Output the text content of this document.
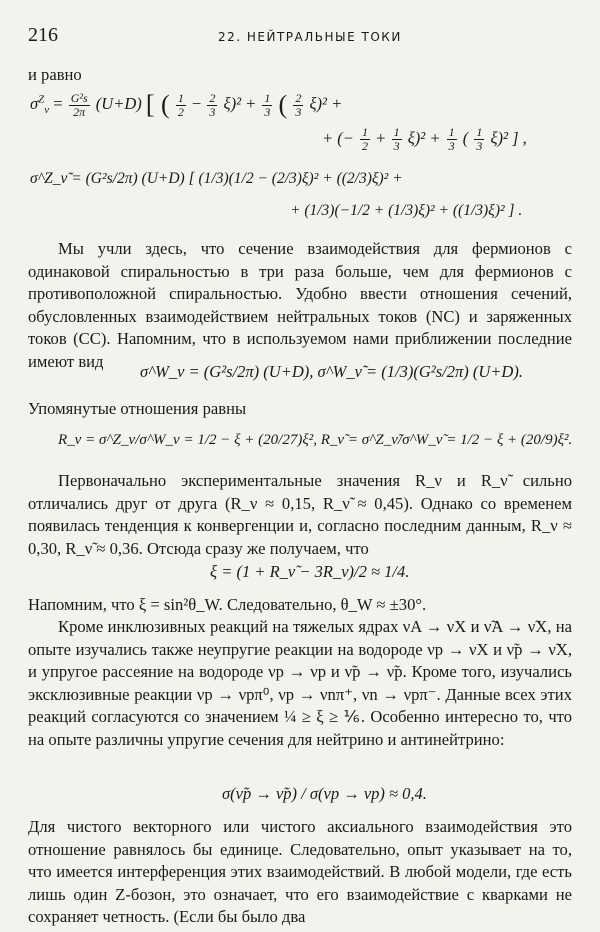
216	22. НЕЙТРАЛЬНЫЕ ТОКИ

и равно

$\sigma^Z_\nu = \frac{\text{G²s}}{2\pi} (U+D)$ [ ( $\frac{1}{2} - \frac{2}{3} \xi)^2 + \frac{1}{3}$ ( $\frac{2}{3} \xi)^2$ +
+ (− $\frac{1}{2} + \frac{1}{3} \xi)^2 + \frac{1}{3}$ ( $\frac{1}{3} \xi)^2$ ] ,
σ^Z_ν̃ = (G²s/2π) (U+D) [ (1/3)(1/2 − (2/3)ξ)² + ((2/3)ξ)² +
+ (1/3)(−1/2 + (1/3)ξ)² + ((1/3)ξ)² ] .

Мы учли здесь, что сечение взаимодействия для фермионов с одинаковой спиральностью в три раза больше, чем для фермионов с противоположной спиральностью. Удобно ввести отношения сечений, обусловленных взаимодействием нейтральных токов (NC) и заряженных токов (CC). Напомним, что в используемом нами приближении последние имеют вид

σ^W_ν = (G²s/2π) (U+D), σ^W_ν̃ = (1/3)(G²s/2π) (U+D).

Упомянутые отношения равны

R_ν = σ^Z_ν/σ^W_ν = 1/2 − ξ + (20/27)ξ², R_ν̃ = σ^Z_ν̃/σ^W_ν̃ = 1/2 − ξ + (20/9)ξ².

Первоначально экспериментальные значения R_ν и R_ν̃ сильно отличались друг от друга (R_ν ≈ 0,15, R_ν̃ ≈ 0,45). Однако со временем появилась тенденция к конвергенции и, согласно последним данным, R_ν ≈ 0,30, R_ν̃ ≈ 0,36. Отсюда сразу же получаем, что

ξ = (1 + R_ν̃ − 3R_ν)/2 ≈ 1/4.

Напомним, что ξ = sin²θ_W. Следовательно, θ_W ≈ ±30°.

Кроме инклюзивных реакций на тяжелых ядрах νA → νX и ν̃A → ν̃X, на опыте изучались также неупругие реакции на водороде νp → νX и ν̃p → ν̃X, и упругое рассеяние на водороде νp → νp и ν̃p → ν̃p. Кроме того, изучались эксклюзивные реакции νp → νpπ⁰, νp → νnπ⁺, νn → νpπ⁻. Данные всех этих реакций согласуются со значением ¼ ≥ ξ ≥ ⅙. Особенно интересно то, что на опыте различны упругие сечения для нейтрино и антинейтрино:

σ(ν̃p → ν̃p) / σ(νp → νp) ≈ 0,4.

Для чистого векторного или чистого аксиального взаимодействия это отношение равнялось бы единице. Следовательно, опыт указывает на то, что имеется интерференция этих взаимодействий. В любой модели, где есть лишь один Z-бозон, это означает, что его взаимодействие с кварками не сохраняет четность. (Если бы было два
